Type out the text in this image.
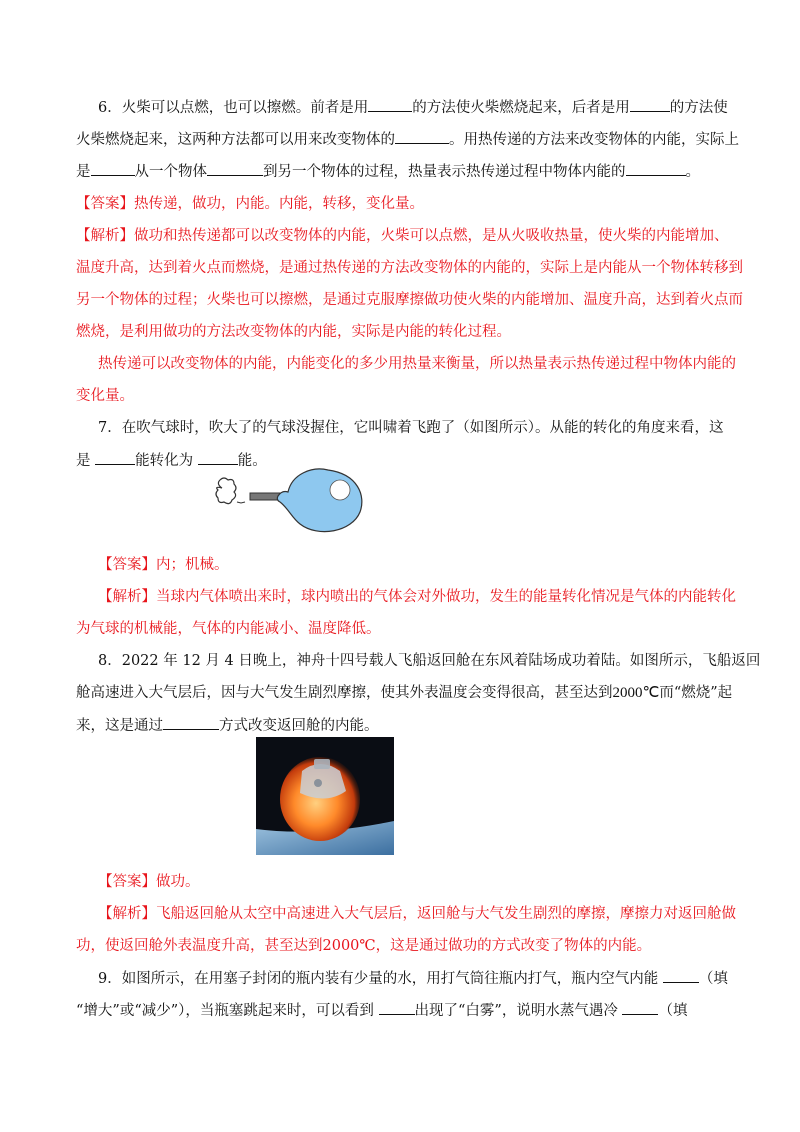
6．火柴可以点燃，也可以擦燃。前者是用	的方法使火柴燃烧起来，后者是用	的方法使
火柴燃烧起来，这两种方法都可以用来改变物体的	。用热传递的方法来改变物体的内能，实际上
是	从一个物体	到另一个物体的过程，热量表示热传递过程中物体内能的	。
【答案】热传递，做功，内能。内能，转移，变化量。
【解析】做功和热传递都可以改变物体的内能，火柴可以点燃，是从火吸收热量，使火柴的内能增加、
温度升高，达到着火点而燃烧，是通过热传递的方法改变物体的内能的，实际上是内能从一个物体转移到
另一个物体的过程；火柴也可以擦燃，是通过克服摩擦做功使火柴的内能增加、温度升高，达到着火点而
燃烧，是利用做功的方法改变物体的内能，实际是内能的转化过程。
热传递可以改变物体的内能，内能变化的多少用热量来衡量，所以热量表示热传递过程中物体内能的
变化量。
7．在吹气球时，吹大了的气球没握住，它叫啸着飞跑了（如图所示）。从能的转化的角度来看，这
是	能转化为	能。
【答案】内；机械。
【解析】当球内气体喷出来时，球内喷出的气体会对外做功，发生的能量转化情况是气体的内能转化
为气球的机械能，气体的内能减小、温度降低。
8．2022 年 12 月 4 日晚上，神舟十四号载人飞船返回舱在东风着陆场成功着陆。如图所示，飞船返回
舱高速进入大气层后，因与大气发生剧烈摩擦，使其外表温度会变得很高，甚至达到2000℃而“燃烧”起
来，这是通过	方式改变返回舱的内能。
【答案】做功。
【解析】飞船返回舱从太空中高速进入大气层后，返回舱与大气发生剧烈的摩擦，摩擦力对返回舱做
功，使返回舱外表温度升高，甚至达到2000℃，这是通过做功的方式改变了物体的内能。
9．如图所示，在用塞子封闭的瓶内装有少量的水，用打气筒往瓶内打气，瓶内空气内能 （填
“增大”或“减少”），当瓶塞跳起来时，可以看到 出现了“白雾”，说明水蒸气遇冷 （填
